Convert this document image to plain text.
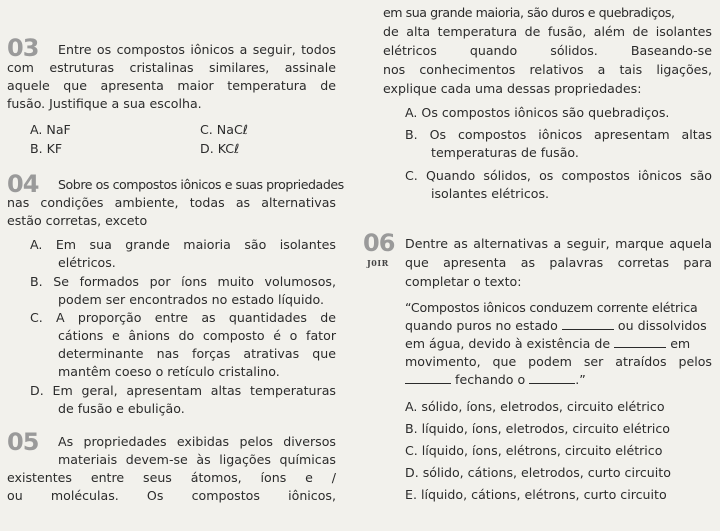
03 Entre os compostos iônicos a seguir, todos
com estruturas cristalinas similares, assinale
aquele que apresenta maior temperatura de
fusão. Justifique a sua escolha.
A. NaF	C. NaCℓ
B. KF	D. KCℓ
04 Sobre os compostos iônicos e suas propriedades
nas condições ambiente, todas as alternativas
estão corretas, exceto
A. Em sua grande maioria são isolantes
elétricos.
B. Se formados por íons muito volumosos,
podem ser encontrados no estado líquido.
C. A proporção entre as quantidades de
cátions e ânions do composto é o fator
determinante nas forças atrativas que
mantêm coeso o retículo cristalino.
D. Em geral, apresentam altas temperaturas
de fusão e ebulição.
05 As propriedades exibidas pelos diversos
materiais devem-se às ligações químicas
existentes entre seus átomos, íons e /
ou moléculas. Os compostos iônicos,
em sua grande maioria, são duros e quebradiços,
de alta temperatura de fusão, além de isolantes
elétricos quando sólidos. Baseando-se
nos conhecimentos relativos a tais ligações,
explique cada uma dessas propriedades:
A. Os compostos iônicos são quebradiços.
B. Os compostos iônicos apresentam altas
temperaturas de fusão.
C. Quando sólidos, os compostos iônicos são
isolantes elétricos.
06
J0IR
Dentre as alternativas a seguir, marque aquela
que apresenta as palavras corretas para
completar o texto:
“Compostos iônicos conduzem corrente elétrica
quando puros no estado	ou dissolvidos
em água, devido à existência de	em
movimento, que podem ser atraídos pelos
fechando o	.”
A. sólido, íons, eletrodos, circuito elétrico
B. líquido, íons, eletrodos, circuito elétrico
C. líquido, íons, elétrons, circuito elétrico
D. sólido, cátions, eletrodos, curto circuito
E. líquido, cátions, elétrons, curto circuito
